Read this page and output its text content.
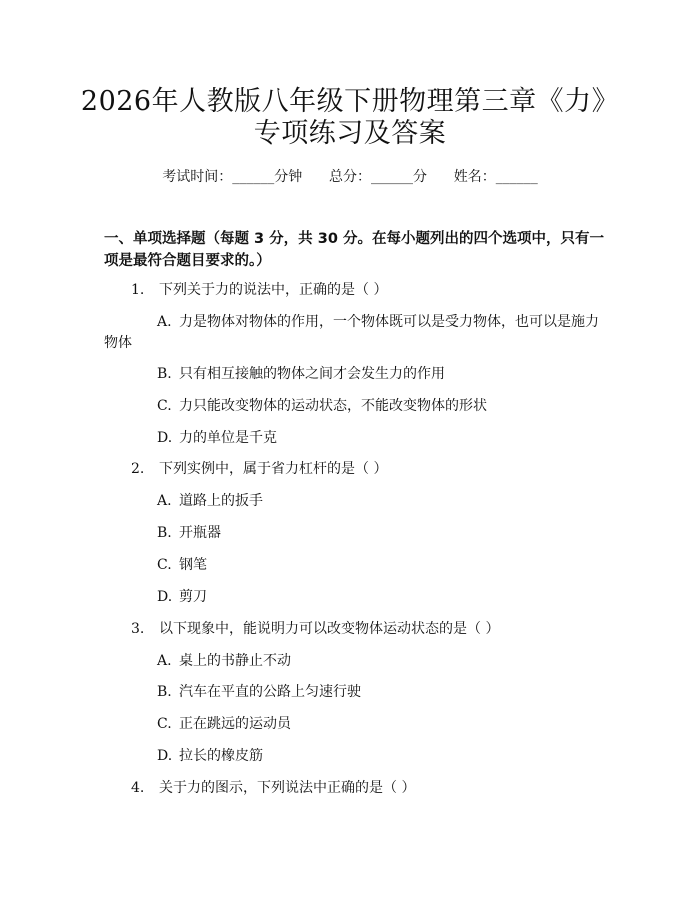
2026年人教版八年级下册物理第三章《力》
专项练习及答案
考试时间：______分钟      总分：______分      姓名：______
一、单项选择题（每题 3 分，共 30 分。在每小题列出的四个选项中，只有一项是最符合题目要求的。）
1. 下列关于力的说法中，正确的是（ ）
A. 力是物体对物体的作用，一个物体既可以是受力物体，也可以是施力
物体
B. 只有相互接触的物体之间才会发生力的作用
C. 力只能改变物体的运动状态，不能改变物体的形状
D. 力的单位是千克
2. 下列实例中，属于省力杠杆的是（ ）
A. 道路上的扳手
B. 开瓶器
C. 钢笔
D. 剪刀
3. 以下现象中，能说明力可以改变物体运动状态的是（ ）
A. 桌上的书静止不动
B. 汽车在平直的公路上匀速行驶
C. 正在跳远的运动员
D. 拉长的橡皮筋
4. 关于力的图示，下列说法中正确的是（ ）
